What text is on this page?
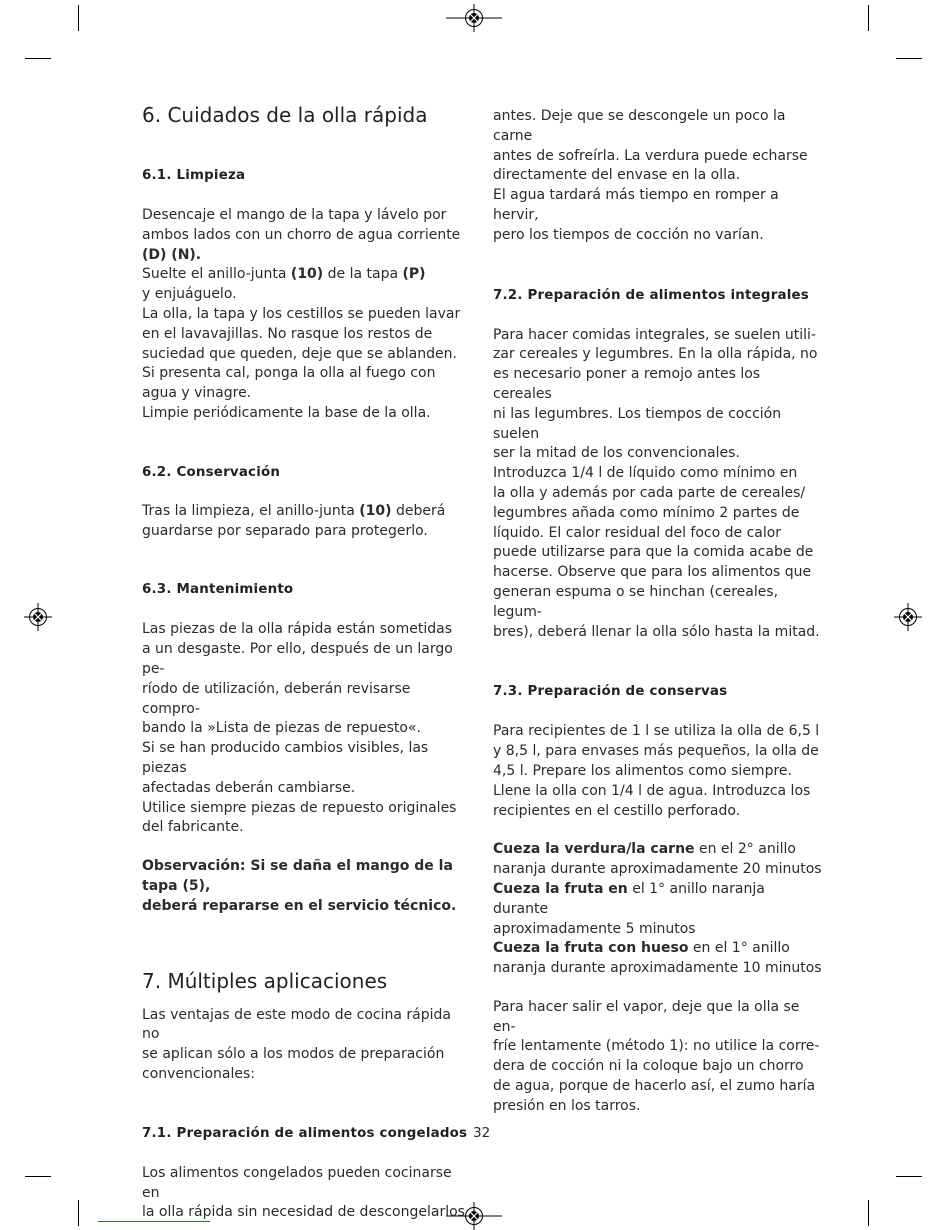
6. Cuidados de la olla rápida
6.1. Limpieza

Desencaje el mango de la tapa y lávelo por

ambos lados con un chorro de agua corriente

(D) (N).

Suelte el anillo-junta (10) de la tapa (P)

y enjuáguelo.

La olla, la tapa y los cestillos se pueden lavar

en el lavavajillas. No rasque los restos de

suciedad que queden, deje que se ablanden.

Si presenta cal, ponga la olla al fuego con

agua y vinagre.

Limpie periódicamente la base de la olla.

6.2. Conservación

Tras la limpieza, el anillo-junta (10) deberá

guardarse por separado para protegerlo.

6.3. Mantenimiento

Las piezas de la olla rápida están sometidas

a un desgaste. Por ello, después de un largo pe-

ríodo de utilización, deberán revisarse compro-

bando la »Lista de piezas de repuesto«.

Si se han producido cambios visibles, las piezas

afectadas deberán cambiarse.

Utilice siempre piezas de repuesto originales

del fabricante.

Observación: Si se daña el mango de la tapa (5),

deberá repararse en el servicio técnico.

7. Múltiples aplicaciones

Las ventajas de este modo de cocina rápida no

se aplican sólo a los modos de preparación

convencionales:

7.1. Preparación de alimentos congelados

Los alimentos congelados pueden cocinarse en

la olla rápida sin necesidad de descongelarlos

antes. Deje que se descongele un poco la carne

antes de sofreírla. La verdura puede echarse

directamente del envase en la olla.

El agua tardará más tiempo en romper a hervir,

pero los tiempos de cocción no varían.

7.2. Preparación de alimentos integrales

Para hacer comidas integrales, se suelen utili-

zar cereales y legumbres. En la olla rápida, no

es necesario poner a remojo antes los cereales

ni las legumbres. Los tiempos de cocción suelen

ser la mitad de los convencionales.

Introduzca 1/4 l de líquido como mínimo en

la olla y además por cada parte de cereales/

legumbres añada como mínimo 2 partes de

líquido. El calor residual del foco de calor

puede utilizarse para que la comida acabe de

hacerse. Observe que para los alimentos que

generan espuma o se hinchan (cereales, legum-

bres), deberá llenar la olla sólo hasta la mitad.

7.3. Preparación de conservas

Para recipientes de 1 l se utiliza la olla de 6,5 l

y 8,5 l, para envases más pequeños, la olla de

4,5 l. Prepare los alimentos como siempre.

Llene la olla con 1/4 l de agua. Introduzca los

recipientes en el cestillo perforado.

Cueza la verdura/la carne en el 2° anillo

naranja durante aproximadamente 20 minutos

Cueza la fruta en el 1° anillo naranja durante

aproximadamente 5 minutos

Cueza la fruta con hueso en el 1° anillo

naranja durante aproximadamente 10 minutos

Para hacer salir el vapor, deje que la olla se en-

fríe lentamente (método 1): no utilice la corre-

dera de cocción ni la coloque bajo un chorro

de agua, porque de hacerlo así, el zumo haría

presión en los tarros.

32
